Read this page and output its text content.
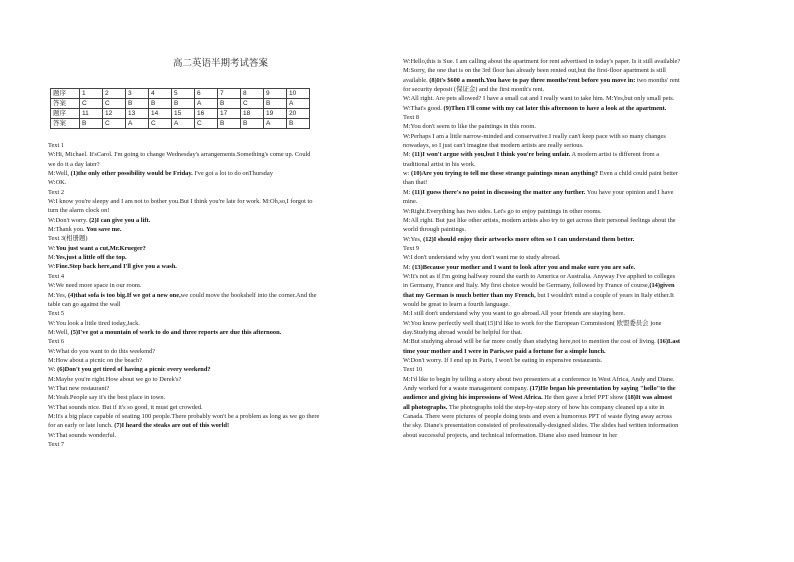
高二英语半期考试答案
题序	1	2	3	4	5	6	7	8	9	10
答案	C	C	B	B	B	A	B	C	B	A
题序	11	12	13	14	15	16	17	18	19	20
答案	B	C	A	C	A	C	B	B	A	B
Text 1
W:Hi, Michael. It'sCarol. I'm going to change Wednesday's arrangements.Something's come up. Could
we do it a day later?
M:Well, (1)the only other possibility would be Friday. I've got a lot to do onThursday
W:OK.
Text 2
W:I know you're sleepy and I am not to bother you.But I think you're late for work. M:Oh,so,I forgot to
turn the alarm clock on!
W:Don't worry. (2)I can give you a lift.
M:Thank you. You save me.
Text 3(相册题)
W:You just want a cut,Mr.Krueger?
M:Yes,just a little off the top.
W:Fine.Step back here,and I'll give you a wash.
Text 4
W:We need more space in our room.
M:Yes, (4)that sofa is too big.If we got a new one,we could move the bookshelf into the corner.And the
table can go against the wall
Text 5
W:You look a little tired today,Jack.
M:Well, (5)I've got a mountain of work to do and three reports are due this afternoon.
Text 6
W:What do you want to do this weekend?
M:How about a picnic on the beach?
W: (6)Don't you get tired of having a picnic every weekend?
M:Maybe you're right.How about we go to Derek's?
W:That new restaurant?
M:Yeah.People say it's the best place in town.
W:That sounds nice. But if it's so good, it must get crowded.
M:It's a big place capable of seating 100 people.There probably won't be a problem as long as we go there
for an early or late lunch. (7)I heard the steaks are out of this world!
W:That sounds wonderful.
Text 7
W:Hello,this is Sue. I am calling about the apartment for rent advertised in today's paper. Is it still available?
M:Sorry, the one that is on the 3rd floor has already been rented out,but the first-floor apartment is still
available. (8)It's $600 a month.You have to pay three months'rent before you move in: two months' rent
for security deposit (保证金) and the first month's rent.
W:All right. Are pets allowed? I have a small cat and I really want to take him. M:Yes,but only small pets.
W:That's good. (9)Then I'll come with my cat later this afternoon to have a look at the apartment.
Text 8
M:You don't seem to like the paintings in this room.
W:Perhaps I am a little narrow-minded and conservative.I really can't keep pace with so many changes
nowadays, so I just can't imagine that modern artists are really serious.
M: (11)I won't argue with you,but I think you're being unfair. A modern artist is different from a
traditional artist in his work.
w: (10)Are you trying to tell me these strange paintings mean anything? Even a child could paint better
than that!
M: (11)I guess there's no point in discussing the matter any further. You have your opinion and I have
mine.
W:Right.Everything has two sides. Let's go to enjoy paintings in other rooms.
M:All right. But just like other artists, modern artists also try to get across their personal feelings about the
world through paintings.
W:Yes, (12)I should enjoy their artworks more often so I can understand them better.
Text 9
W:I don't understand why you don't want me to study abroad.
M: (13)Because your mother and I want to look after you and make sure you are safe.
W:It's not as if I'm going halfway round the earth to America or Australia. Anyway I've applied to colleges
in Germany, France and Italy. My first choice would be Germany, followed by France of course,(14)given
that my German is much better than my French, but I wouldn't mind a couple of years in Italy either.It
would be great to learn a fourth language.
M:I still don't understand why you want to go abroad.All your friends are staying here.
W:You know perfectly well that(15)I'd like to work for the European Commission( 欧盟委员会 )one
day.Studying abroad would be helpful for that.
M:But studying abroad will be far more costly than studying here,not to mention the cost of living. (16)Last
time your mother and I were in Paris,we paid a fortune for a simple lunch.
W:Don't worry. If I end up in Paris, I won't be eating in expensive restaurants.
Text 10
M:I'd like to begin by telling a story about two presenters at a conference in West Africa, Andy and Diane.
Andy worked for a waste management company. (17)He began his presentation by saying "hello"to the
audience and giving his impressions of West Africa. He then gave a brief PPT show (18)It was almost
all photographs. The photographs told the step-by-step story of how his company cleaned up a site in
Canada. There were pictures of people doing tests and even a humorous PPT of waste flying away across
the sky. Diane's presentation consisted of professionally-designed slides. The slides had written information
about successful projects, and technical information. Diane also used humour in her
